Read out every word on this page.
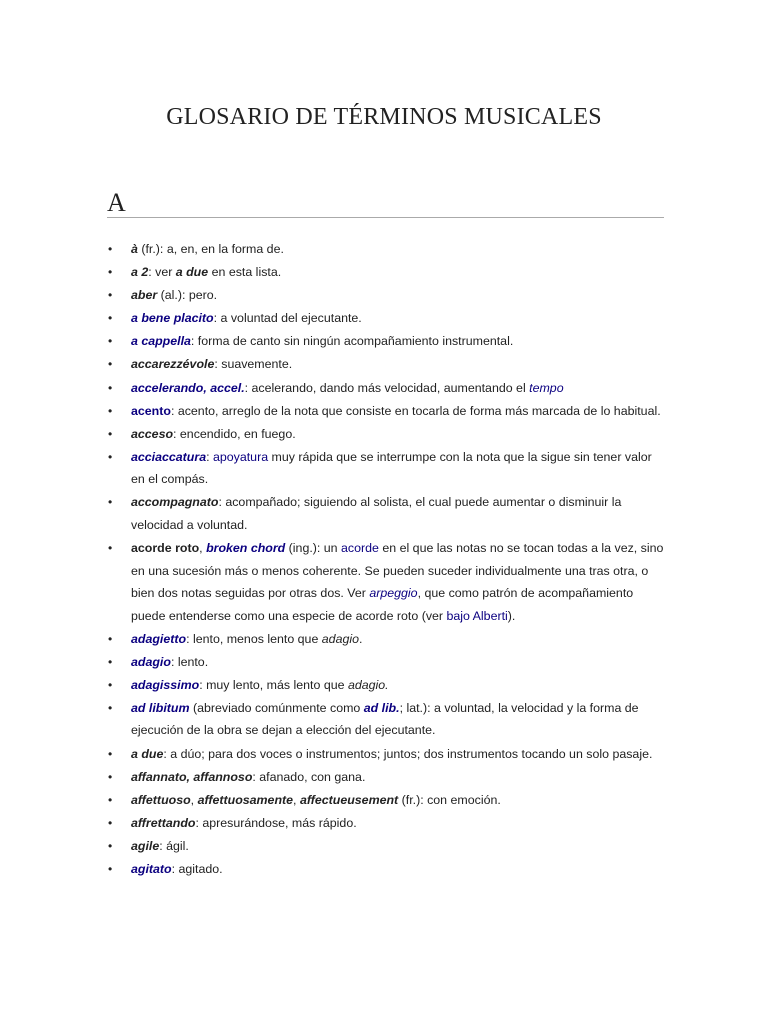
GLOSARIO DE TÉRMINOS MUSICALES
A
• à (fr.): a, en, en la forma de.
• a 2: ver a due en esta lista.
• aber (al.): pero.
• a bene placito: a voluntad del ejecutante.
• a cappella: forma de canto sin ningún acompañamiento instrumental.
• accarezzévole: suavemente.
• accelerando, accel.: acelerando, dando más velocidad, aumentando el tempo
• acento: acento, arreglo de la nota que consiste en tocarla de forma más marcada de lo habitual.
• acceso: encendido, en fuego.
• acciaccatura: apoyatura muy rápida que se interrumpe con la nota que la sigue sin tener valor en el compás.
• accompagnato: acompañado; siguiendo al solista, el cual puede aumentar o disminuir la velocidad a voluntad.
• acorde roto, broken chord (ing.): un acorde en el que las notas no se tocan todas a la vez, sino en una sucesión más o menos coherente. Se pueden suceder individualmente una tras otra, o bien dos notas seguidas por otras dos. Ver arpeggio, que como patrón de acompañamiento puede entenderse como una especie de acorde roto (ver bajo Alberti).
• adagietto: lento, menos lento que adagio.
• adagio: lento.
• adagissimo: muy lento, más lento que adagio.
• ad libitum (abreviado comúnmente como ad lib.; lat.): a voluntad, la velocidad y la forma de ejecución de la obra se dejan a elección del ejecutante.
• a due: a dúo; para dos voces o instrumentos; juntos; dos instrumentos tocando un solo pasaje.
• affannato, affannoso: afanado, con gana.
• affettuoso, affettuosamente, affectueusement (fr.): con emoción.
• affrettando: apresurándose, más rápido.
• agile: ágil.
• agitato: agitado.
